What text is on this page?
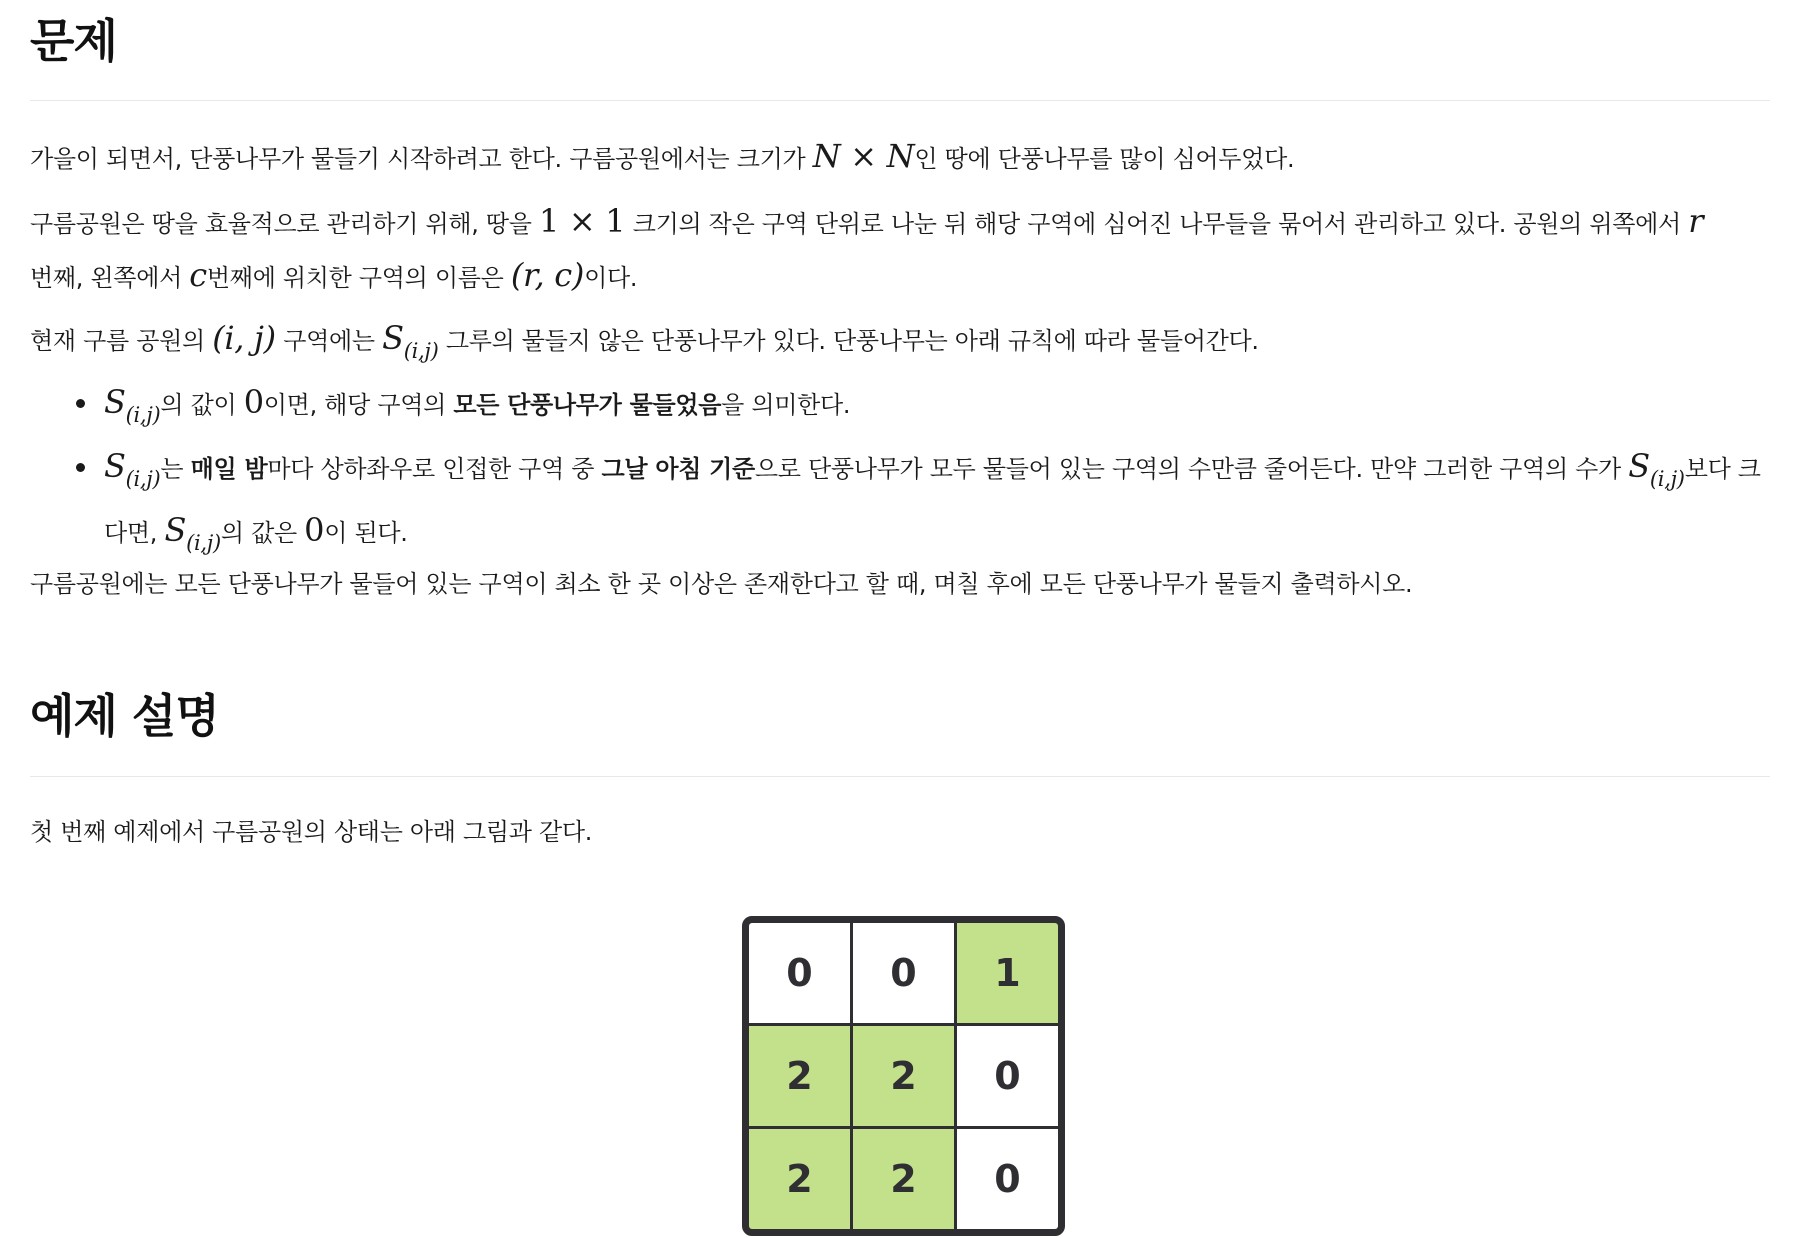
문제

가을이 되면서, 단풍나무가 물들기 시작하려고 한다. 구름공원에서는 크기가 N × N인 땅에 단풍나무를 많이 심어두었다.

구름공원은 땅을 효율적으로 관리하기 위해, 땅을 1 × 1 크기의 작은 구역 단위로 나눈 뒤 해당 구역에 심어진 나무들을 묶어서 관리하고 있다. 공원의 위쪽에서 r
번째, 왼쪽에서 c번째에 위치한 구역의 이름은 (r, c)이다.

현재 구름 공원의 (i, j) 구역에는 S(i,j) 그루의 물들지 않은 단풍나무가 있다. 단풍나무는 아래 규칙에 따라 물들어간다.

S(i,j)의 값이 0이면, 해당 구역의 모든 단풍나무가 물들었음을 의미한다.
S(i,j)는 매일 밤마다 상하좌우로 인접한 구역 중 그날 아침 기준으로 단풍나무가 모두 물들어 있는 구역의 수만큼 줄어든다. 만약 그러한 구역의 수가 S(i,j)보다 크다면, S(i,j)의 값은 0이 된다.

구름공원에는 모든 단풍나무가 물들어 있는 구역이 최소 한 곳 이상은 존재한다고 할 때, 며칠 후에 모든 단풍나무가 물들지 출력하시오.

예제 설명

첫 번째 예제에서 구름공원의 상태는 아래 그림과 같다.

0	0	1
2	2	0
2	2	0
